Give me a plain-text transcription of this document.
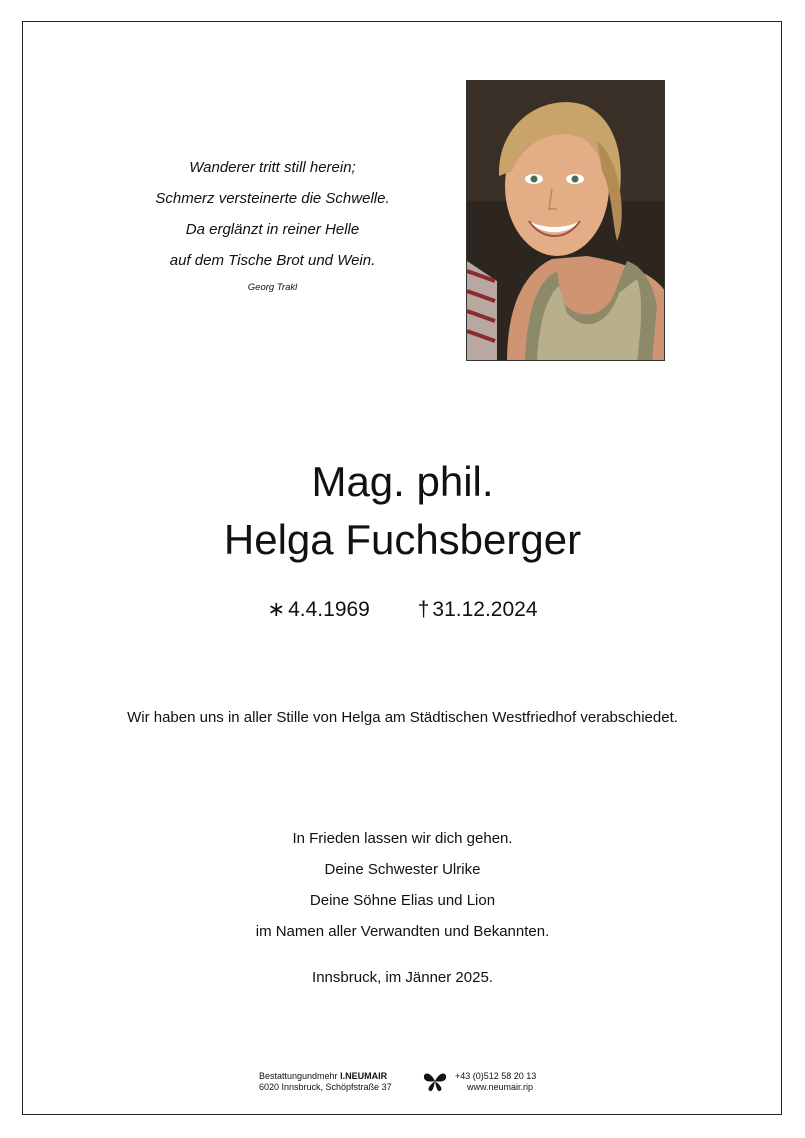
Wanderer tritt still herein;
Schmerz versteinerte die Schwelle.
Da erglänzt in reiner Helle
auf dem Tische Brot und Wein.
Georg Trakl
Mag. phil.
Helga Fuchsberger
∗ 4.4.1969 † 31.12.2024
Wir haben uns in aller Stille von Helga am Städtischen Westfriedhof verabschiedet.
In Frieden lassen wir dich gehen.
Deine Schwester Ulrike
Deine Söhne Elias und Lion
im Namen aller Verwandten und Bekannten.
Innsbruck, im Jänner 2025.
Bestattungundmehr I.NEUMAIR
6020 Innsbruck, Schöpfstraße 37
+43 (0)512 58 20 13
www.neumair.rip
